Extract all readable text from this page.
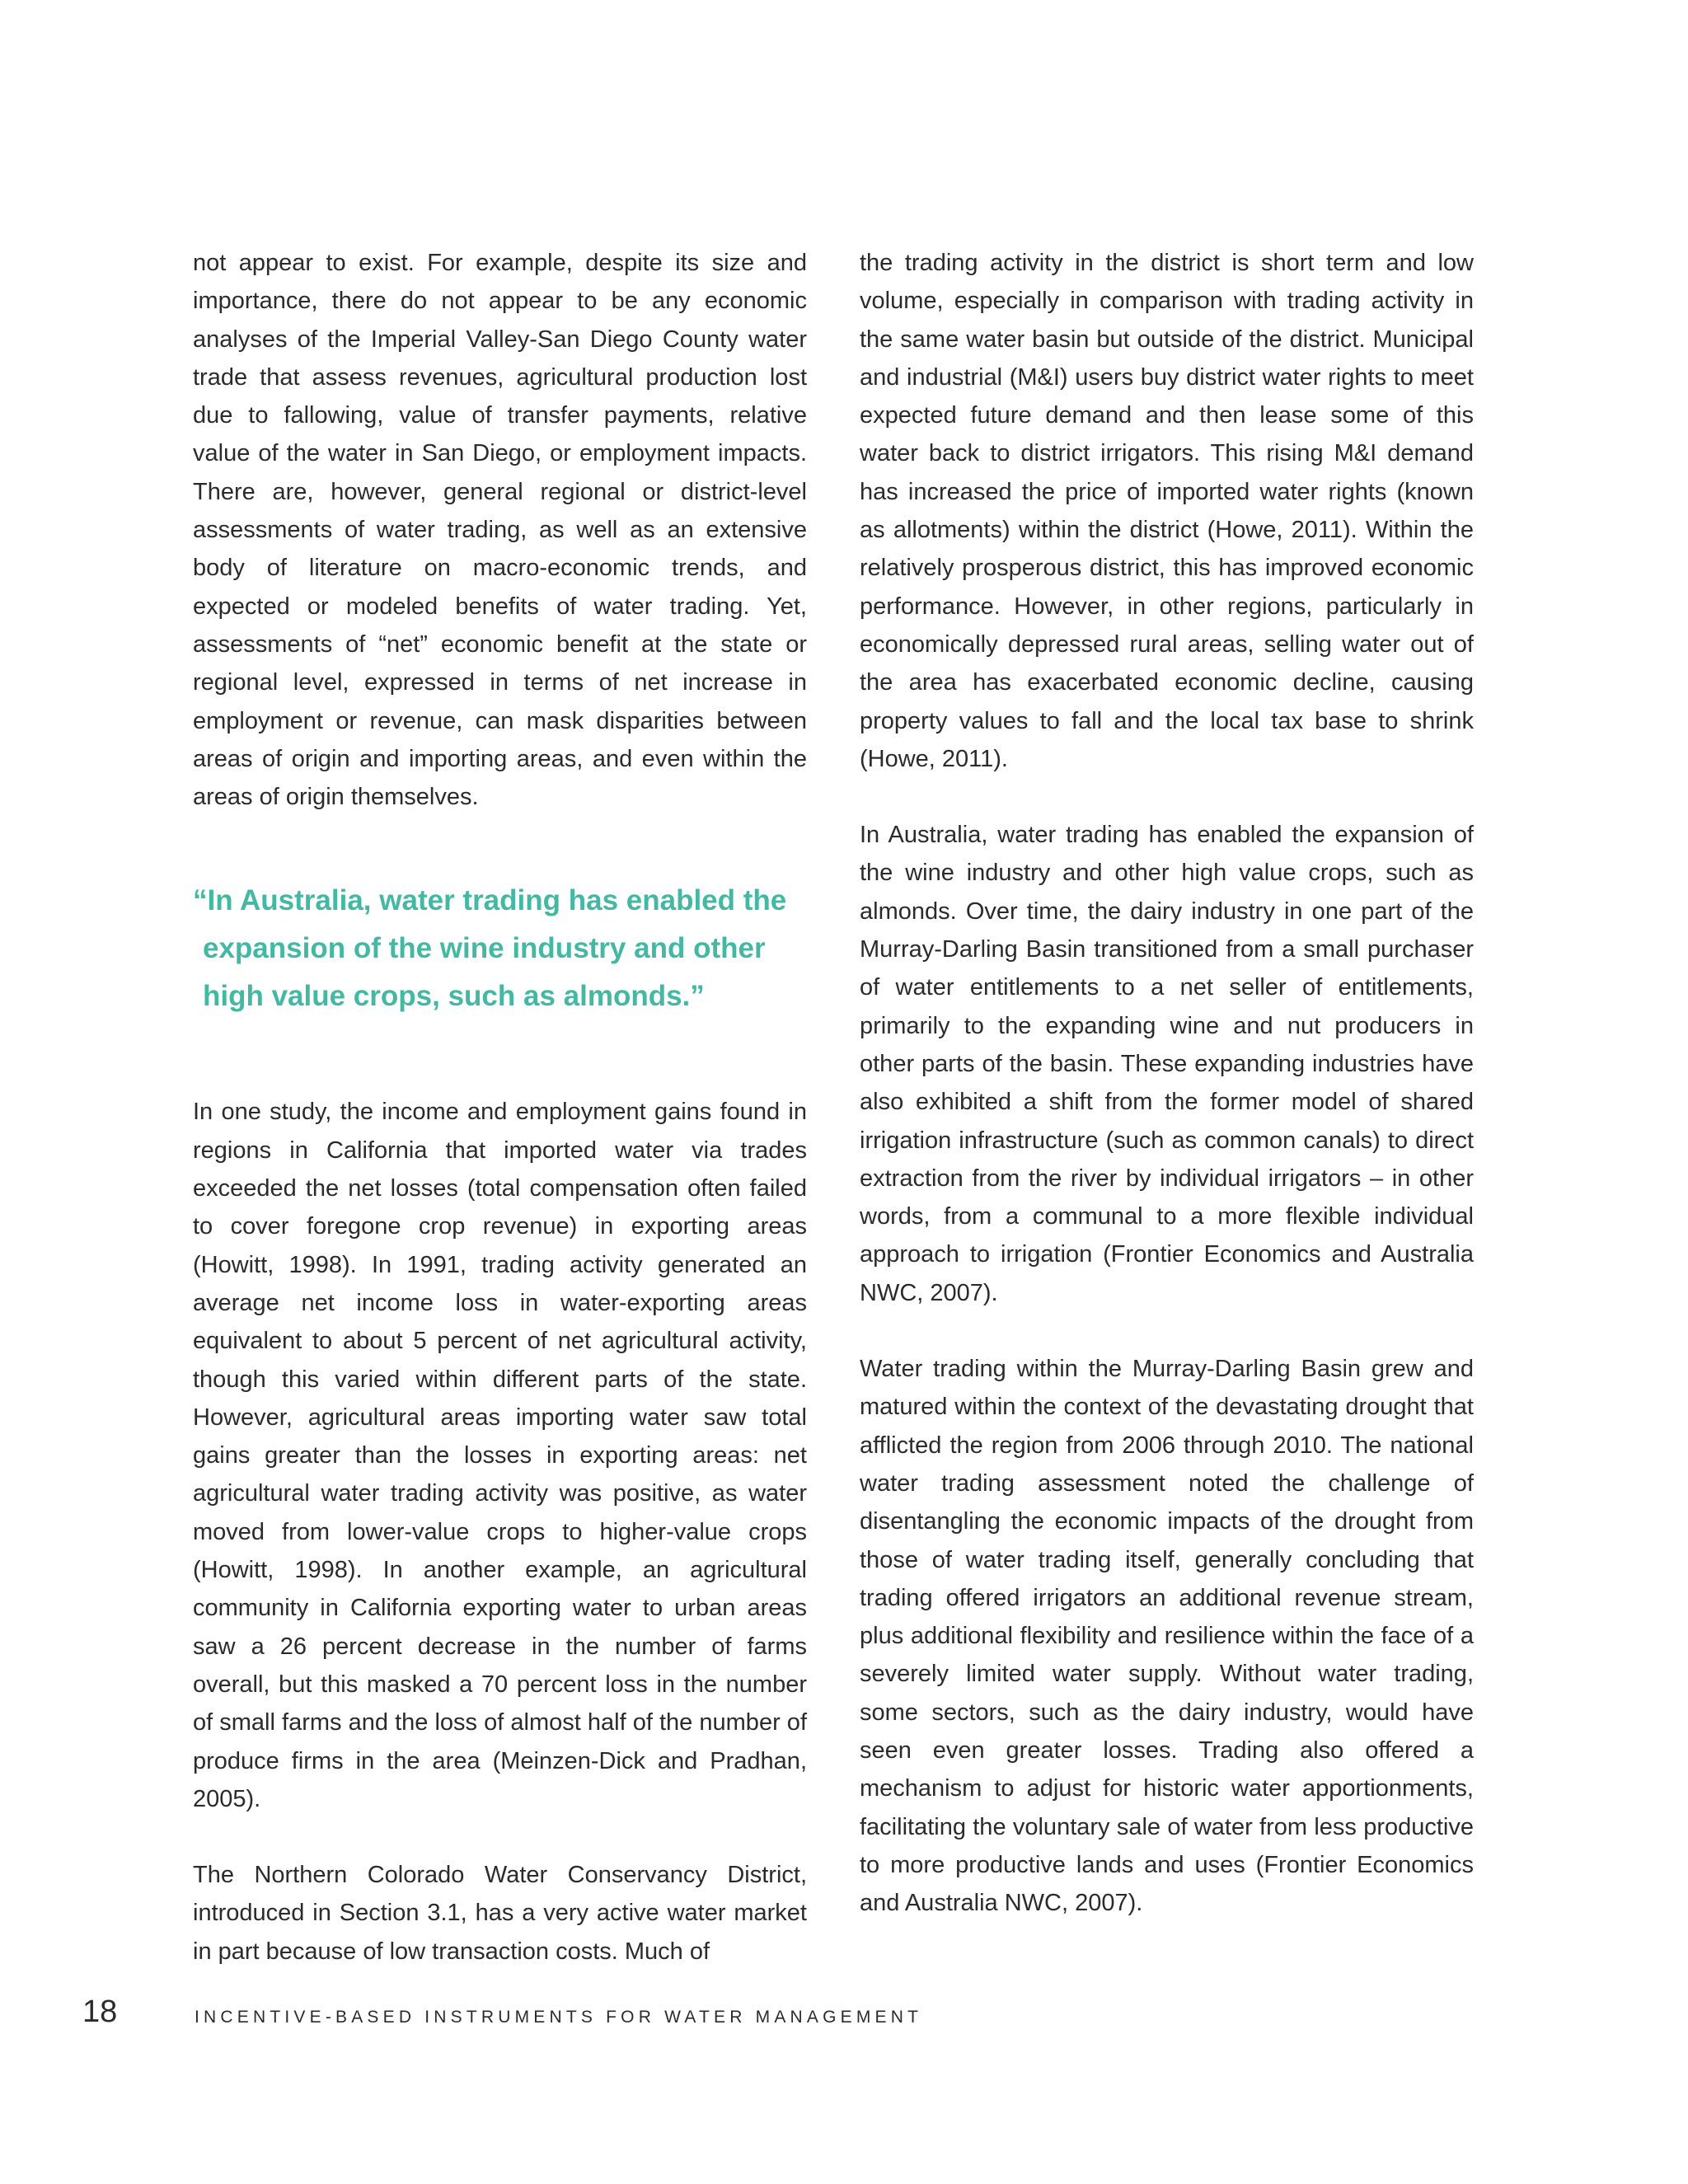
not appear to exist. For example, despite its size and importance, there do not appear to be any economic analyses of the Imperial Valley-San Diego County water trade that assess revenues, agricultural production lost due to fallowing, value of transfer payments, relative value of the water in San Diego, or employment impacts. There are, however, general regional or district-level assessments of water trading, as well as an extensive body of literature on macro-economic trends, and expected or modeled benefits of water trading. Yet, assessments of “net” economic benefit at the state or regional level, expressed in terms of net increase in employment or revenue, can mask disparities between areas of origin and importing areas, and even within the areas of origin themselves.

“In Australia, water trading has enabled the
expansion of the wine industry and other
high value crops, such as almonds.”

In one study, the income and employment gains found in regions in California that imported water via trades exceeded the net losses (total compensation often failed to cover foregone crop revenue) in exporting areas (Howitt, 1998). In 1991, trading activity generated an average net income loss in water-exporting areas equivalent to about 5 percent of net agricultural activity, though this varied within different parts of the state. However, agricultural areas importing water saw total gains greater than the losses in exporting areas: net agricultural water trading activity was positive, as water moved from lower-value crops to higher-value crops (Howitt, 1998). In another example, an agricultural community in California exporting water to urban areas saw a 26 percent decrease in the number of farms overall, but this masked a 70 percent loss in the number of small farms and the loss of almost half of the number of produce firms in the area (Meinzen-Dick and Pradhan, 2005).

The Northern Colorado Water Conservancy District, introduced in Section 3.1, has a very active water market in part because of low transaction costs. Much of

the trading activity in the district is short term and low volume, especially in comparison with trading activity in the same water basin but outside of the district. Municipal and industrial (M&I) users buy district water rights to meet expected future demand and then lease some of this water back to district irrigators. This rising M&I demand has increased the price of imported water rights (known as allotments) within the district (Howe, 2011). Within the relatively prosperous district, this has improved economic performance. However, in other regions, particularly in economically depressed rural areas, selling water out of the area has exacerbated economic decline, causing property values to fall and the local tax base to shrink (Howe, 2011).

In Australia, water trading has enabled the expansion of the wine industry and other high value crops, such as almonds. Over time, the dairy industry in one part of the Murray-Darling Basin transitioned from a small purchaser of water entitlements to a net seller of entitlements, primarily to the expanding wine and nut producers in other parts of the basin. These expanding industries have also exhibited a shift from the former model of shared irrigation infrastructure (such as common canals) to direct extraction from the river by individual irrigators – in other words, from a communal to a more flexible individual approach to irrigation (Frontier Economics and Australia NWC, 2007).

Water trading within the Murray-Darling Basin grew and matured within the context of the devastating drought that afflicted the region from 2006 through 2010. The national water trading assessment noted the challenge of disentangling the economic impacts of the drought from those of water trading itself, generally concluding that trading offered irrigators an additional revenue stream, plus additional flexibility and resilience within the face of a severely limited water supply. Without water trading, some sectors, such as the dairy industry, would have seen even greater losses. Trading also offered a mechanism to adjust for historic water apportionments, facilitating the voluntary sale of water from less productive to more productive lands and uses (Frontier Economics and Australia NWC, 2007).

18	INCENTIVE-BASED INSTRUMENTS FOR WATER MANAGEMENT
